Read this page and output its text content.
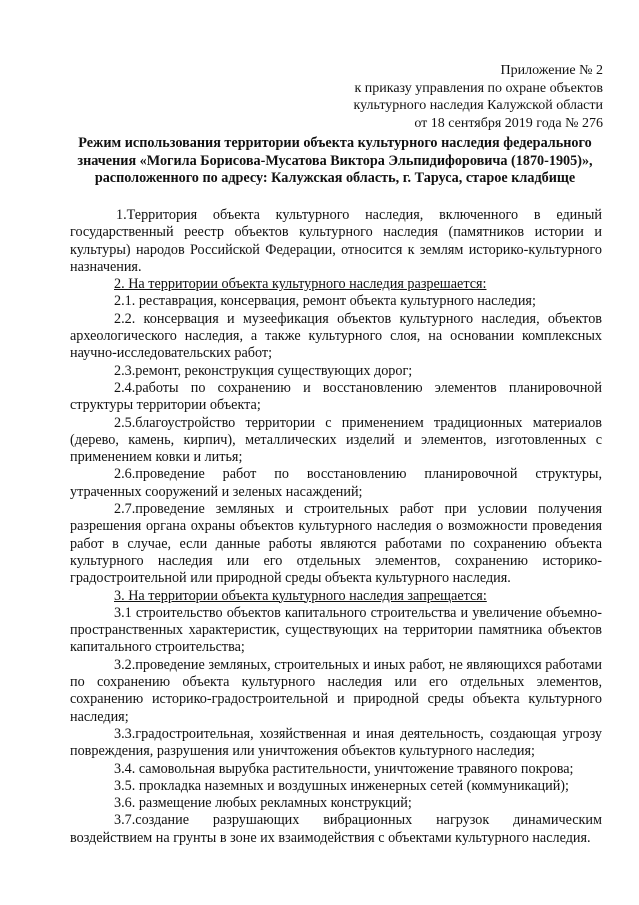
Приложение № 2
к приказу управления по охране объектов
культурного наследия Калужской области
от 18 сентября 2019 года № 276
Режим использования территории объекта культурного наследия федерального
значения «Могила Борисова-Мусатова Виктора Эльпидифоровича (1870-1905)»,
расположенного по адресу: Калужская область, г. Таруса, старое кладбище

1.Территория объекта культурного наследия, включенного в единый государственный реестр объектов культурного наследия (памятников истории и культуры) народов Российской Федерации, относится к землям историко-культурного назначения.

2. На территории объекта культурного наследия разрешается:

2.1. реставрация, консервация, ремонт объекта культурного наследия;

2.2. консервация и музеефикация объектов культурного наследия, объектов археологического наследия, а также культурного слоя, на основании комплексных научно-исследовательских работ;

2.3.ремонт, реконструкция существующих дорог;

2.4.работы по сохранению и восстановлению элементов планировочной структуры территории объекта;

2.5.благоустройство территории с применением традиционных материалов (дерево, камень, кирпич), металлических изделий и элементов, изготовленных с применением ковки и литья;

2.6.проведение работ по восстановлению планировочной структуры, утраченных сооружений и зеленых насаждений;

2.7.проведение земляных и строительных работ при условии получения разрешения органа охраны объектов культурного наследия о возможности проведения работ в случае, если данные работы являются работами по сохранению объекта культурного наследия или его отдельных элементов, сохранению историко-градостроительной или природной среды объекта культурного наследия.

3. На территории объекта культурного наследия запрещается:

3.1 строительство объектов капитального строительства и увеличение объемно-пространственных характеристик, существующих на территории памятника объектов капитального строительства;

3.2.проведение земляных, строительных и иных работ, не являющихся работами по сохранению объекта культурного наследия или его отдельных элементов, сохранению историко-градостроительной и природной среды объекта культурного наследия;

3.3.градостроительная, хозяйственная и иная деятельность, создающая угрозу повреждения, разрушения или уничтожения объектов культурного наследия;

3.4. самовольная вырубка растительности, уничтожение травяного покрова;

3.5. прокладка наземных и воздушных инженерных сетей (коммуникаций);

3.6. размещение любых рекламных конструкций;

3.7.создание разрушающих вибрационных нагрузок динамическим воздействием на грунты в зоне их взаимодействия с объектами культурного наследия.
